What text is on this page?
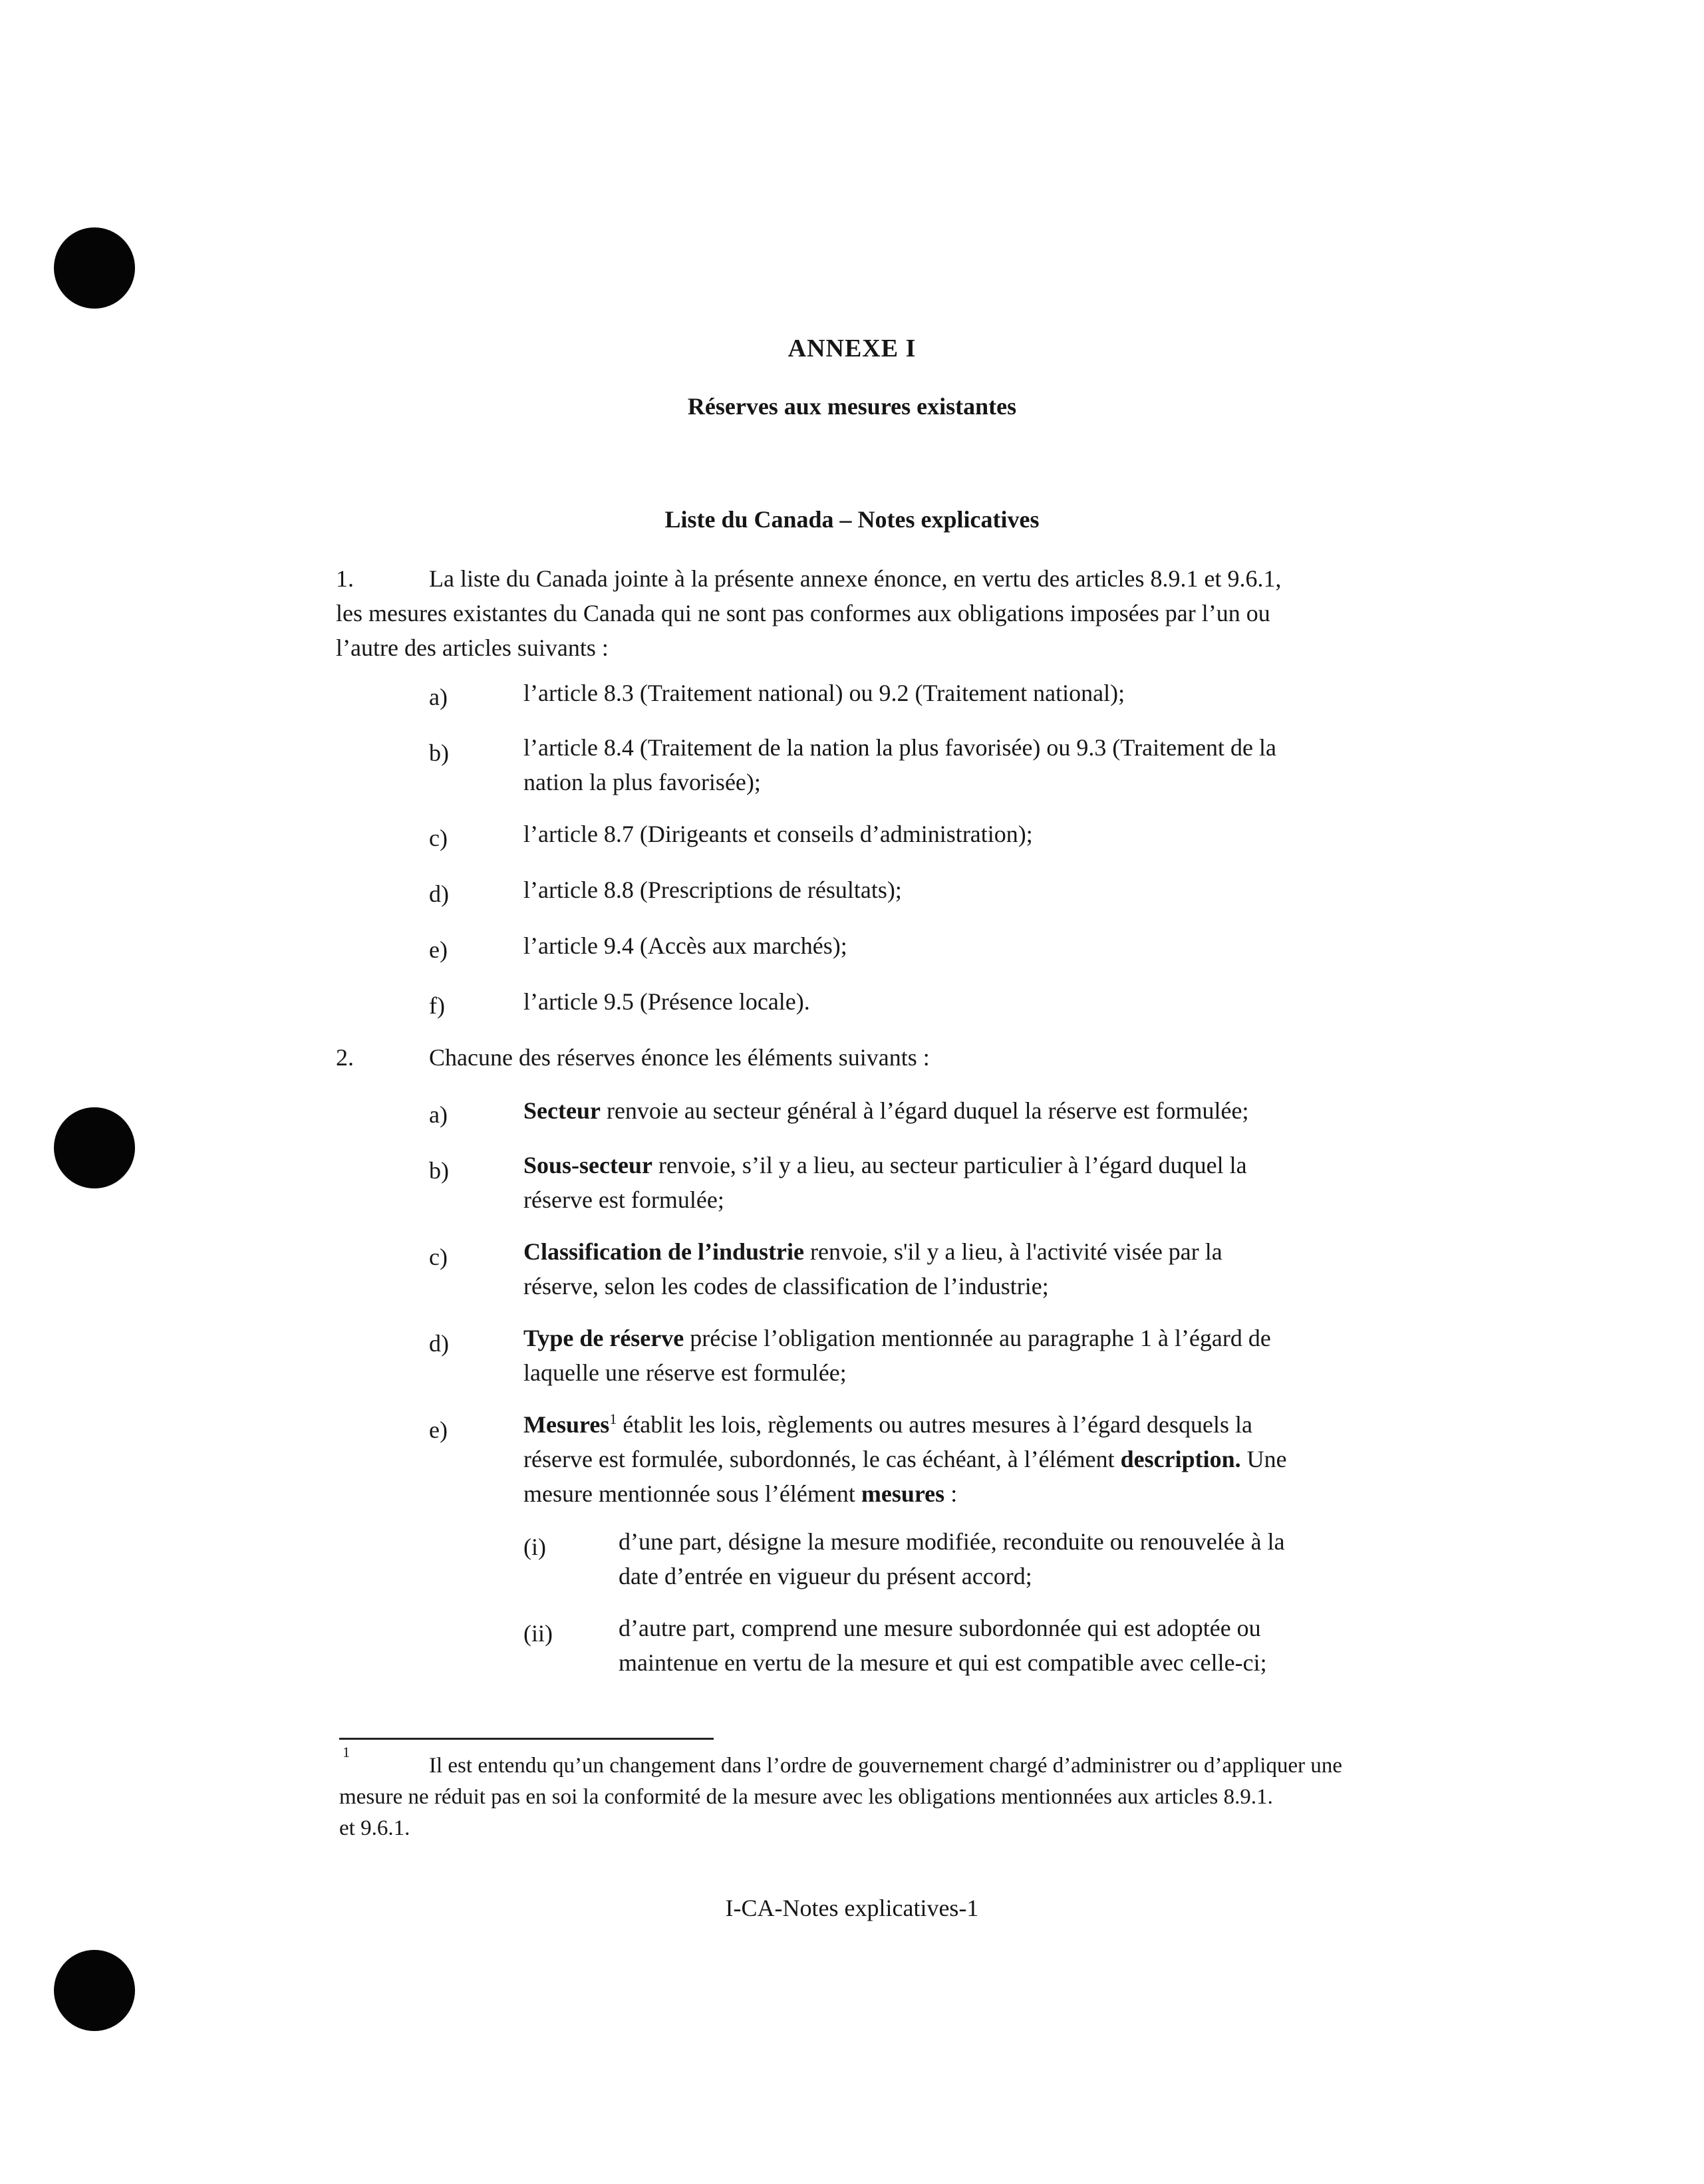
ANNEXE I
Réserves aux mesures existantes
Liste du Canada – Notes explicatives
1.	La liste du Canada jointe à la présente annexe énonce, en vertu des articles 8.9.1 et 9.6.1,
les mesures existantes du Canada qui ne sont pas conformes aux obligations imposées par l’un ou
l’autre des articles suivants :
a)	l’article 8.3 (Traitement national) ou 9.2 (Traitement national);
b)	l’article 8.4 (Traitement de la nation la plus favorisée) ou 9.3 (Traitement de la
nation la plus favorisée);
c)	l’article 8.7 (Dirigeants et conseils d’administration);
d)	l’article 8.8 (Prescriptions de résultats);
e)	l’article 9.4 (Accès aux marchés);
f)	l’article 9.5 (Présence locale).
2.	Chacune des réserves énonce les éléments suivants :
a)	Secteur renvoie au secteur général à l’égard duquel la réserve est formulée;
b)	Sous-secteur renvoie, s’il y a lieu, au secteur particulier à l’égard duquel la
réserve est formulée;
c)	Classification de l’industrie renvoie, s'il y a lieu, à l'activité visée par la
réserve, selon les codes de classification de l’industrie;
d)	Type de réserve précise l’obligation mentionnée au paragraphe 1 à l’égard de
laquelle une réserve est formulée;
e)	Mesures$^1$ établit les lois, règlements ou autres mesures à l’égard desquels la
réserve est formulée, subordonnés, le cas échéant, à l’élément description. Une
mesure mentionnée sous l’élément mesures :
(i)	d’une part, désigne la mesure modifiée, reconduite ou renouvelée à la
date d’entrée en vigueur du présent accord;
(ii)	d’autre part, comprend une mesure subordonnée qui est adoptée ou
maintenue en vertu de la mesure et qui est compatible avec celle-ci;
1
Il est entendu qu’un changement dans l’ordre de gouvernement chargé d’administrer ou d’appliquer une
mesure ne réduit pas en soi la conformité de la mesure avec les obligations mentionnées aux articles 8.9.1.
et 9.6.1.
I-CA-Notes explicatives-1
